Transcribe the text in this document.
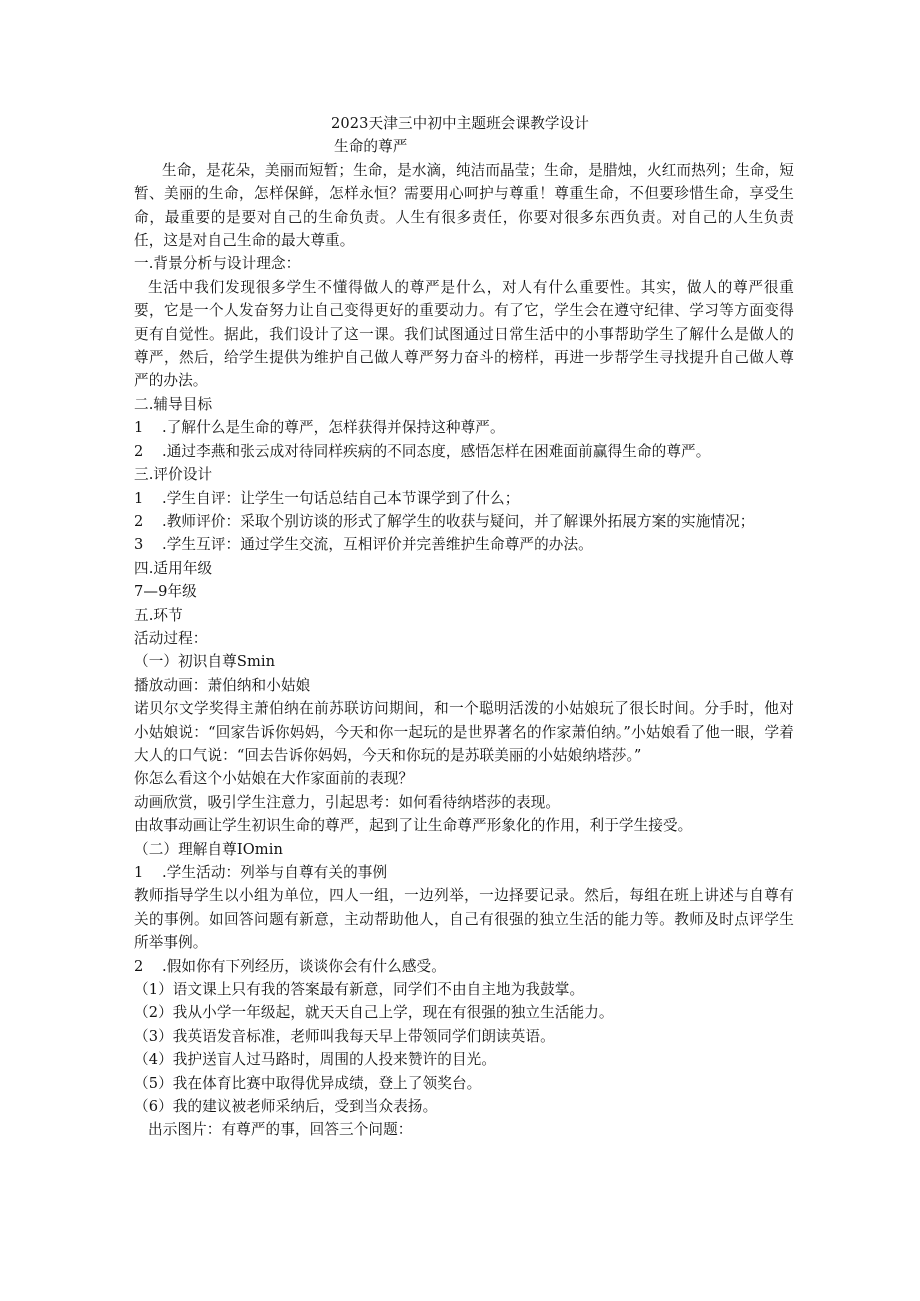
2023天津三中初中主题班会课教学设计

生命的尊严

生命，是花朵，美丽而短暂；生命，是水滴，纯洁而晶莹；生命，是腊烛，火红而热列；生命，短暂、美丽的生命，怎样保鲜，怎样永恒？需要用心呵护与尊重！尊重生命，不但要珍惜生命，享受生命，最重要的是要对自己的生命负责。人生有很多责任，你要对很多东西负责。对自己的人生负责任，这是对自己生命的最大尊重。

一.背景分析与设计理念：

生活中我们发现很多学生不懂得做人的尊严是什么，对人有什么重要性。其实，做人的尊严很重要，它是一个人发奋努力让自己变得更好的重要动力。有了它，学生会在遵守纪律、学习等方面变得更有自觉性。据此，我们设计了这一课。我们试图通过日常生活中的小事帮助学生了解什么是做人的尊严，然后，给学生提供为维护自己做人尊严努力奋斗的榜样，再进一步帮学生寻找提升自己做人尊严的办法。

二.辅导目标

1 .了解什么是生命的尊严，怎样获得并保持这种尊严。

2 .通过李燕和张云成对待同样疾病的不同态度，感悟怎样在困难面前赢得生命的尊严。

三.评价设计

1 .学生自评：让学生一句话总结自己本节课学到了什么；

2 .教师评价：采取个别访谈的形式了解学生的收获与疑问，并了解课外拓展方案的实施情况；

3 .学生互评：通过学生交流，互相评价并完善维护生命尊严的办法。

四.适用年级

7—9年级

五.环节

活动过程：

（一）初识自尊Smin

播放动画：萧伯纳和小姑娘

诺贝尔文学奖得主萧伯纳在前苏联访问期间，和一个聪明活泼的小姑娘玩了很长时间。分手时，他对小姑娘说：“回家告诉你妈妈，今天和你一起玩的是世界著名的作家萧伯纳。”小姑娘看了他一眼，学着大人的口气说：“回去告诉你妈妈，今天和你玩的是苏联美丽的小姑娘纳塔莎。”

你怎么看这个小姑娘在大作家面前的表现？

动画欣赏，吸引学生注意力，引起思考：如何看待纳塔莎的表现。

由故事动画让学生初识生命的尊严，起到了让生命尊严形象化的作用，利于学生接受。

（二）理解自尊IOmin

1 .学生活动：列举与自尊有关的事例

教师指导学生以小组为单位，四人一组，一边列举，一边择要记录。然后，每组在班上讲述与自尊有关的事例。如回答问题有新意，主动帮助他人，自己有很强的独立生活的能力等。教师及时点评学生所举事例。

2 .假如你有下列经历，谈谈你会有什么感受。

（1）语文课上只有我的答案最有新意，同学们不由自主地为我鼓掌。

（2）我从小学一年级起，就天天自己上学，现在有很强的独立生活能力。

（3）我英语发音标准，老师叫我每天早上带领同学们朗读英语。

（4）我护送盲人过马路时，周围的人投来赞许的目光。

（5）我在体育比赛中取得优异成绩，登上了领奖台。

（6）我的建议被老师采纳后，受到当众表扬。

出示图片：有尊严的事，回答三个问题：
